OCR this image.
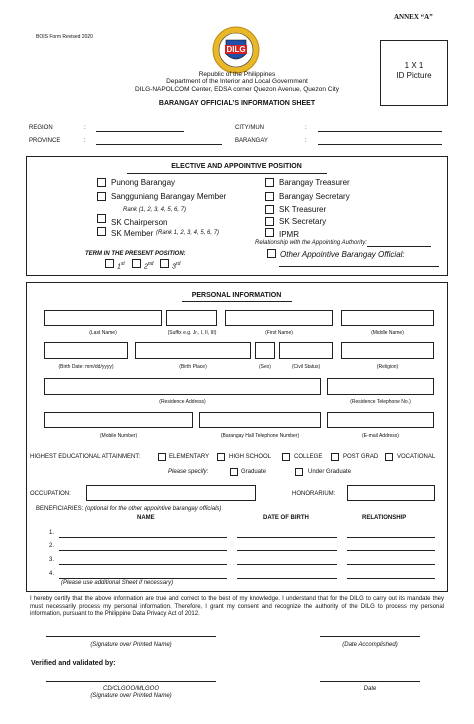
BOIS Form Revised 2020
ANNEX “A”
DILG
1 X 1
ID Picture
Republic of the Philippines
Department of the Interior and Local Government
DILG-NAPOLCOM Center, EDSA corner Quezon Avenue, Quezon City
BARANGAY OFFICIAL’S INFORMATION SHEET
REGION	:
PROVINCE	:
CITY/MUN	:
BARANGAY	:
ELECTIVE AND APPOINTIVE POSITION
Punong Barangay
Sangguniang Barangay Member
Rank (1, 2, 3, 4, 5, 6, 7)
SK Chairperson
SK Member (Rank 1, 2, 3, 4, 5, 6, 7)
TERM IN THE PRESENT POSITION:
1st	2nd	3rd
Barangay Treasurer
Barangay Secretary
SK Treasurer
SK Secretary
IPMR
Relationship with the Appointing Authority:
Other Appointive Barangay Official:
PERSONAL INFORMATION
(Last Name)	(Suffix e.g. Jr., I, II, III)	(First Name)	(Middle Name)
(Birth Date: mm/dd/yyyy)	(Birth Place)	(Sex)	(Civil Status)	(Religion)
(Residence Address)	(Residence Telephone No.)
(Mobile Number)	(Barangay Hall Telephone Number)	(E-mail Address)
HIGHEST EDUCATIONAL ATTAINMENT:	ELEMENTARY	HIGH SCHOOL	COLLEGE	POST GRAD	VOCATIONAL
Please specify:	Graduate	Under Graduate
OCCUPATION:	HONORARIUM:
BENEFICIARIES: (optional for the other appointive barangay officials)
NAME	DATE OF BIRTH	RELATIONSHIP
1.
2.
3.
4.
(Please use additional Sheet if necessary)
I hereby certify that the above information are true and correct to the best of my knowledge. I understand that for the DILG to carry out its mandate they must necessarily process my personal information. Therefore, I grant my consent and recognize the authority of the DILG to process my personal information, pursuant to the Philippine Data Privacy Act of 2012.
(Signature over Printed Name)	(Date Accomplished)
Verified and validated by:
CD/CLGOO/MLGOO
(Signature over Printed Name)
Date
